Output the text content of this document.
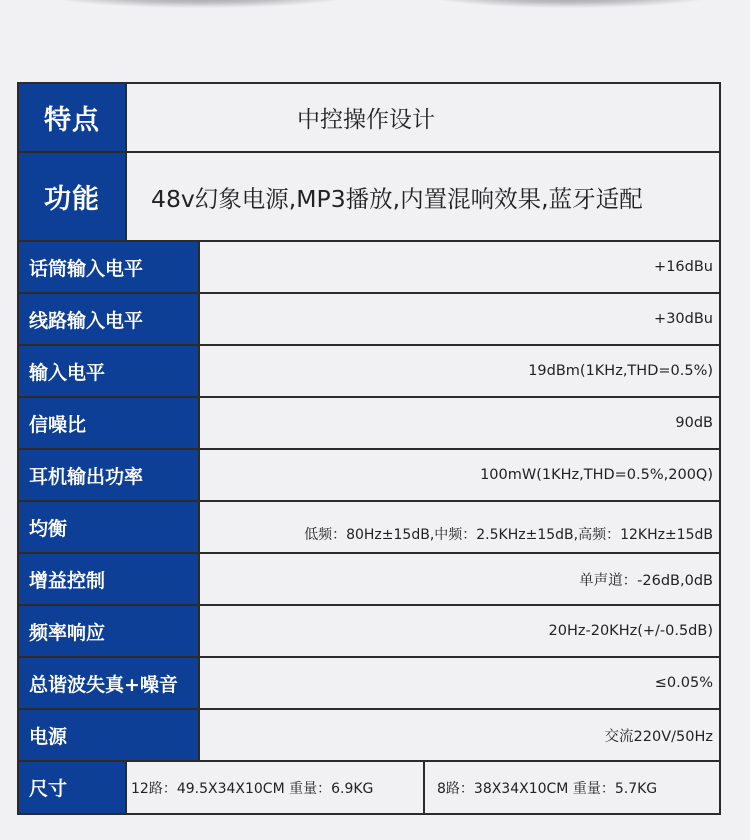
特点	中控操作设计
功能	48v幻象电源,MP3播放,内置混响效果,蓝牙适配
话筒输入电平	+16dBu
线路输入电平	+30dBu
输入电平	19dBm(1KHz,THD=0.5%)
信噪比	90dB
耳机输出功率	100mW(1KHz,THD=0.5%,200Q)
均衡	低频：80Hz±15dB,中频：2.5KHz±15dB,高频：12KHz±15dB
增益控制	单声道：-26dB,0dB
频率响应	20Hz-20KHz(+/-0.5dB)
总谐波失真+噪音	≤0.05%
电源	交流220V/50Hz
尺寸	12路：49.5X34X10CM 重量：6.9KG	8路：38X34X10CM 重量：5.7KG
